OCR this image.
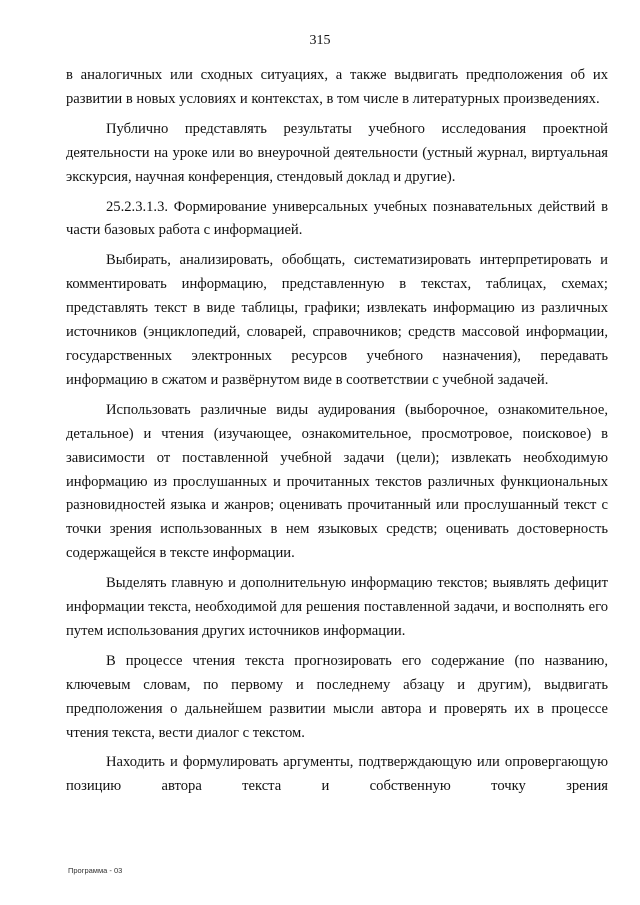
315

в аналогичных или сходных ситуациях, а также выдвигать предположения об их развитии в новых условиях и контекстах, в том числе в литературных произведениях.

Публично представлять результаты учебного исследования проектной деятельности на уроке или во внеурочной деятельности (устный журнал, виртуальная экскурсия, научная конференция, стендовый доклад и другие).

25.2.3.1.3. Формирование универсальных учебных познавательных действий в части базовых работа с информацией.

Выбирать, анализировать, обобщать, систематизировать интерпретировать и комментировать информацию, представленную в текстах, таблицах, схемах; представлять текст в виде таблицы, графики; извлекать информацию из различных источников (энциклопедий, словарей, справочников; средств массовой информации, государственных электронных ресурсов учебного назначения), передавать информацию в сжатом и развёрнутом виде в соответствии с учебной задачей.

Использовать различные виды аудирования (выборочное, ознакомительное, детальное) и чтения (изучающее, ознакомительное, просмотровое, поисковое) в зависимости от поставленной учебной задачи (цели); извлекать необходимую информацию из прослушанных и прочитанных текстов различных функциональных разновидностей языка и жанров; оценивать прочитанный или прослушанный текст с точки зрения использованных в нем языковых средств; оценивать достоверность содержащейся в тексте информации.

Выделять главную и дополнительную информацию текстов; выявлять дефицит информации текста, необходимой для решения поставленной задачи, и восполнять его путем использования других источников информации.

В процессе чтения текста прогнозировать его содержание (по названию, ключевым словам, по первому и последнему абзацу и другим), выдвигать предположения о дальнейшем развитии мысли автора и проверять их в процессе чтения текста, вести диалог с текстом.

Находить и формулировать аргументы, подтверждающую или опровергающую позицию автора текста и собственную точку зрения

Программа - 03
